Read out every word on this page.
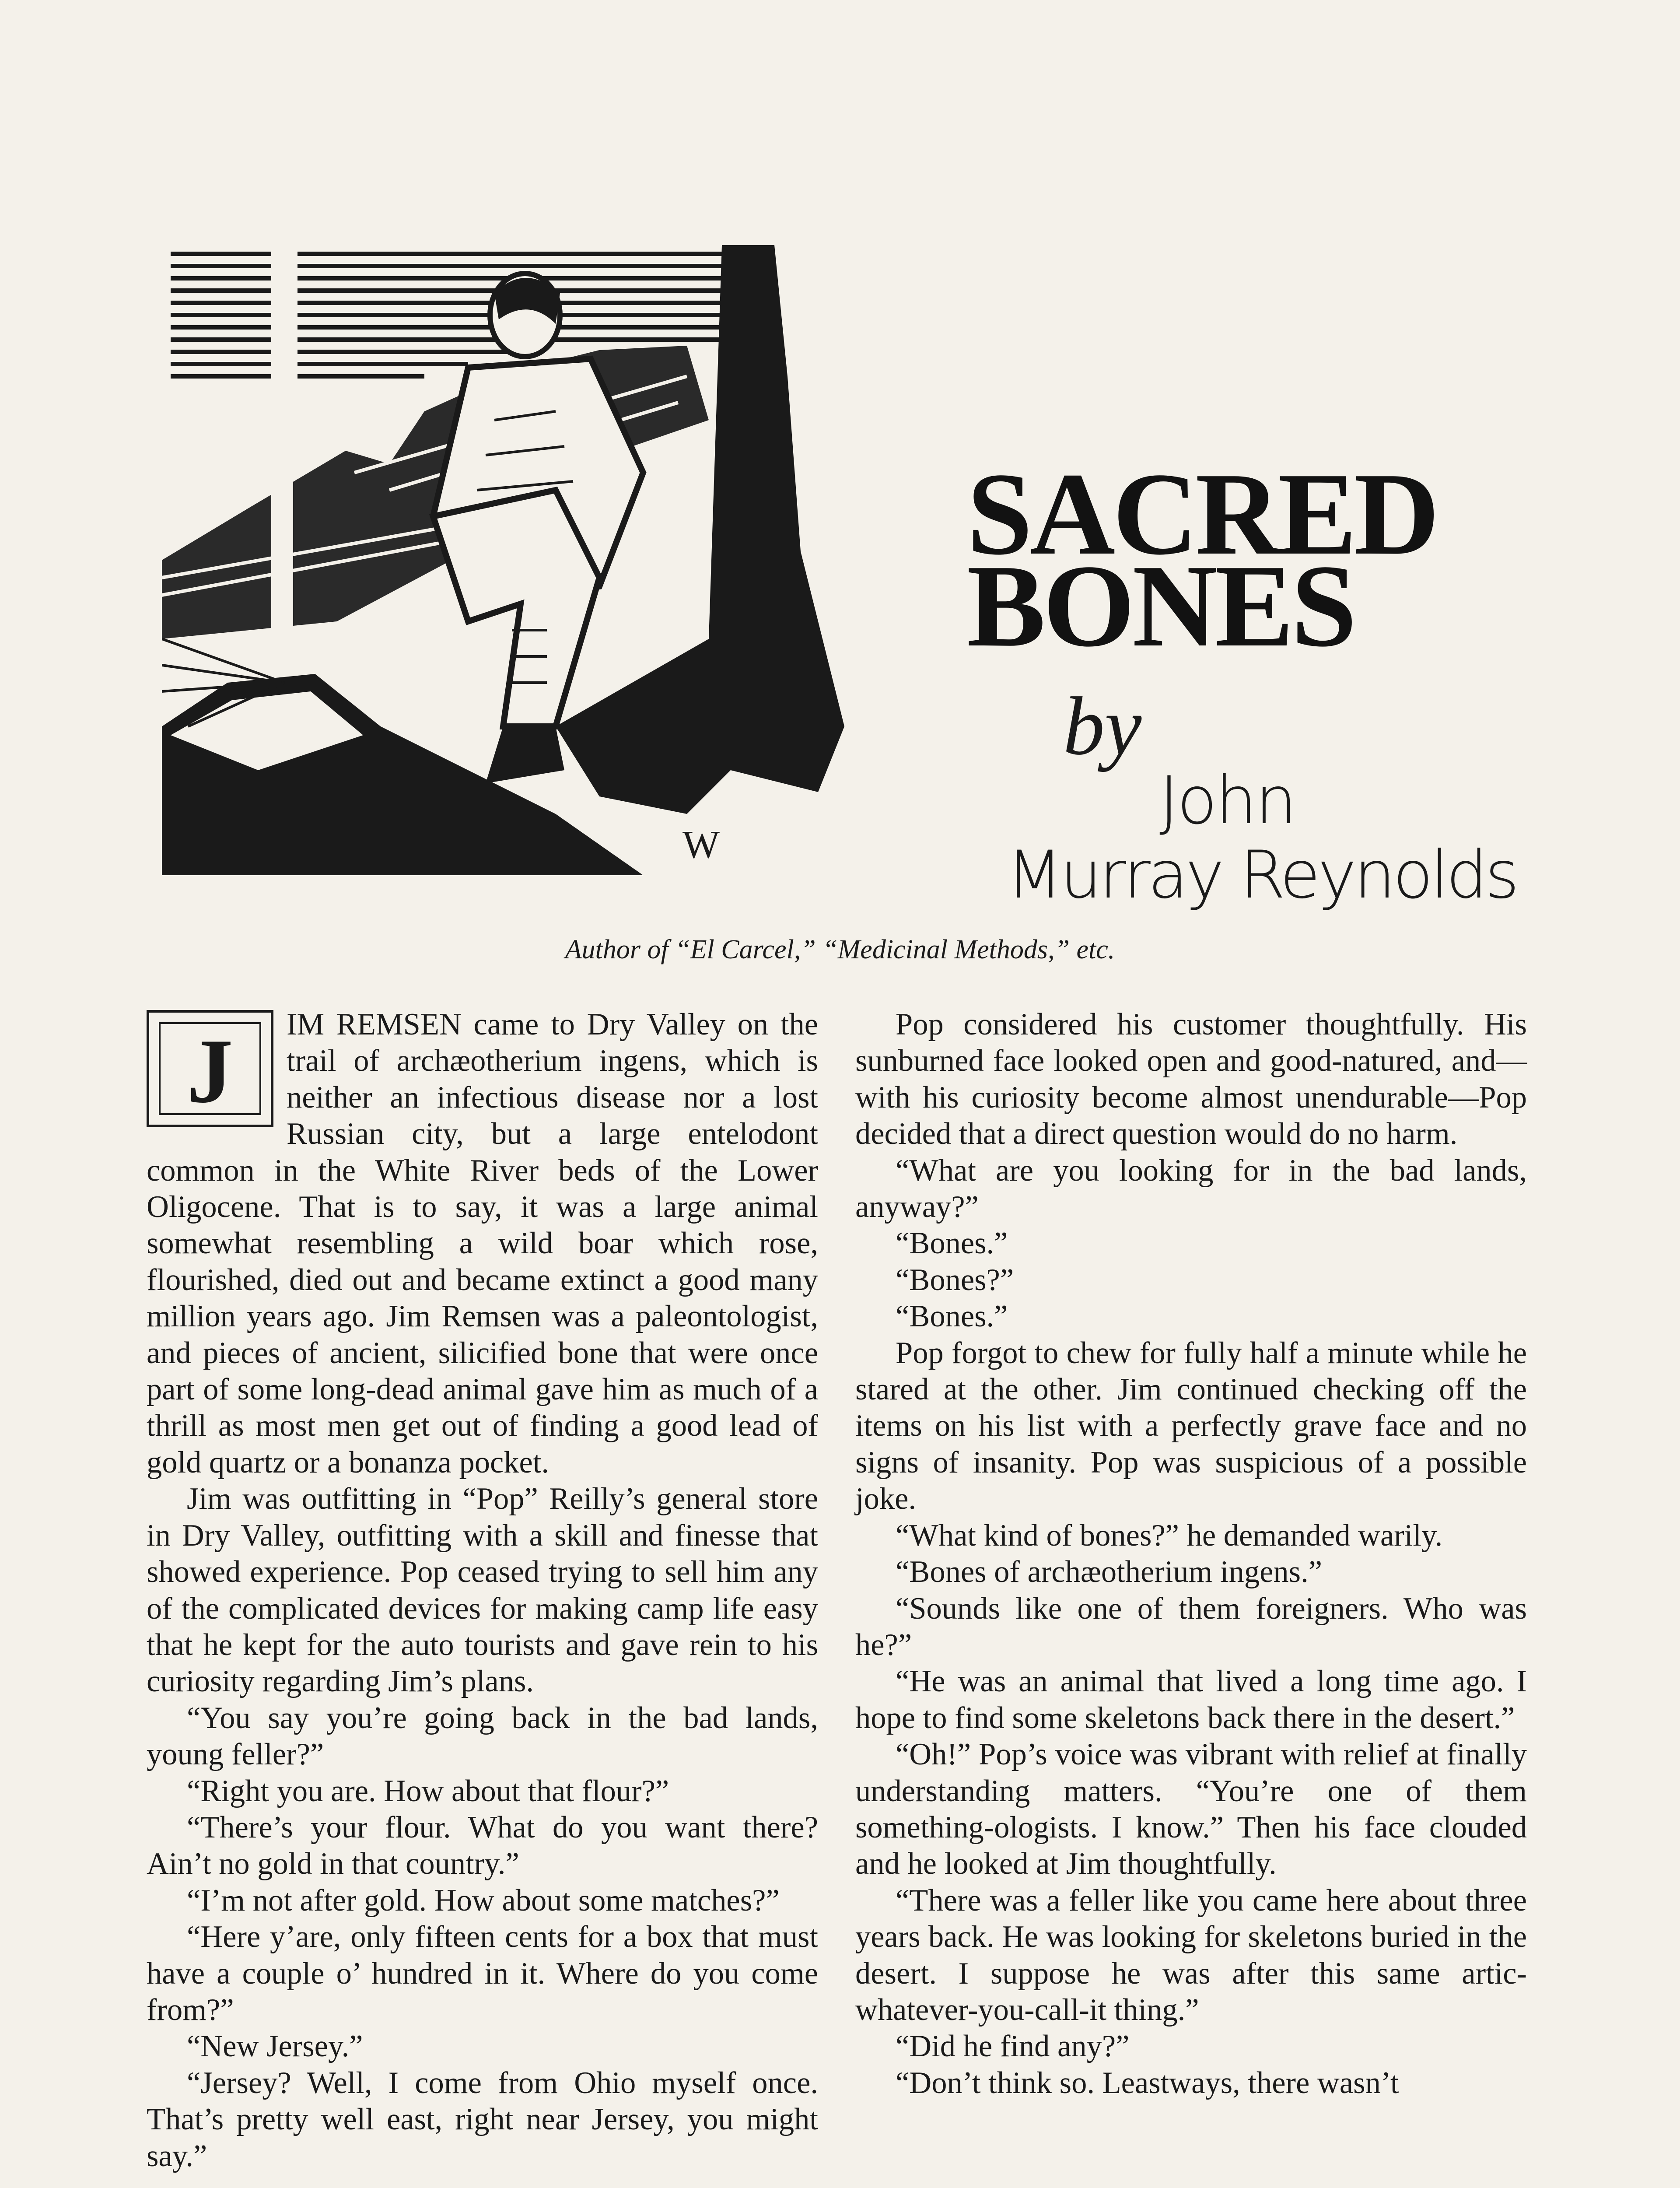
W
SACRED
BONES
by
John
Murray Reynolds
Author of “El Carcel,” “Medicinal Methods,” etc.
J	IM REMSEN came to Dry Valley on the trail of archæotherium ingens, which is neither an infectious disease nor a lost Russian city, but a large entelodont common in the White River beds of the Lower Oligocene. That is to say, it was a large animal somewhat resembling a wild boar which rose, flourished, died out and became extinct a good many million years ago. Jim Remsen was a paleontologist, and pieces of ancient, silicified bone that were once part of some long-dead animal gave him as much of a thrill as most men get out of finding a good lead of gold quartz or a bonanza pocket.

Jim was outfitting in “Pop” Reilly’s general store in Dry Valley, outfitting with a skill and finesse that showed experience. Pop ceased trying to sell him any of the complicated devices for making camp life easy that he kept for the auto tourists and gave rein to his curiosity regarding Jim’s plans.

“You say you’re going back in the bad lands, young feller?”

“Right you are. How about that flour?”

“There’s your flour. What do you want there? Ain’t no gold in that country.”

“I’m not after gold. How about some matches?”

“Here y’are, only fifteen cents for a box that must have a couple o’ hundred in it. Where do you come from?”

“New Jersey.”

“Jersey? Well, I come from Ohio myself once. That’s pretty well east, right near Jersey, you might say.”

Pop considered his customer thoughtfully. His sunburned face looked open and good-natured, and—with his curiosity become almost unendurable—Pop decided that a direct question would do no harm.

“What are you looking for in the bad lands, anyway?”

“Bones.”

“Bones?”

“Bones.”

Pop forgot to chew for fully half a minute while he stared at the other. Jim continued checking off the items on his list with a perfectly grave face and no signs of insanity. Pop was suspicious of a possible joke.

“What kind of bones?” he demanded warily.

“Bones of archæotherium ingens.”

“Sounds like one of them foreigners. Who was he?”

“He was an animal that lived a long time ago. I hope to find some skeletons back there in the desert.”

“Oh!” Pop’s voice was vibrant with relief at finally understanding matters. “You’re one of them something-ologists. I know.” Then his face clouded and he looked at Jim thoughtfully.

“There was a feller like you came here about three years back. He was looking for skeletons buried in the desert. I suppose he was after this same artic-whatever-you-call-it thing.”

“Did he find any?”

“Don’t think so. Leastways, there wasn’t
